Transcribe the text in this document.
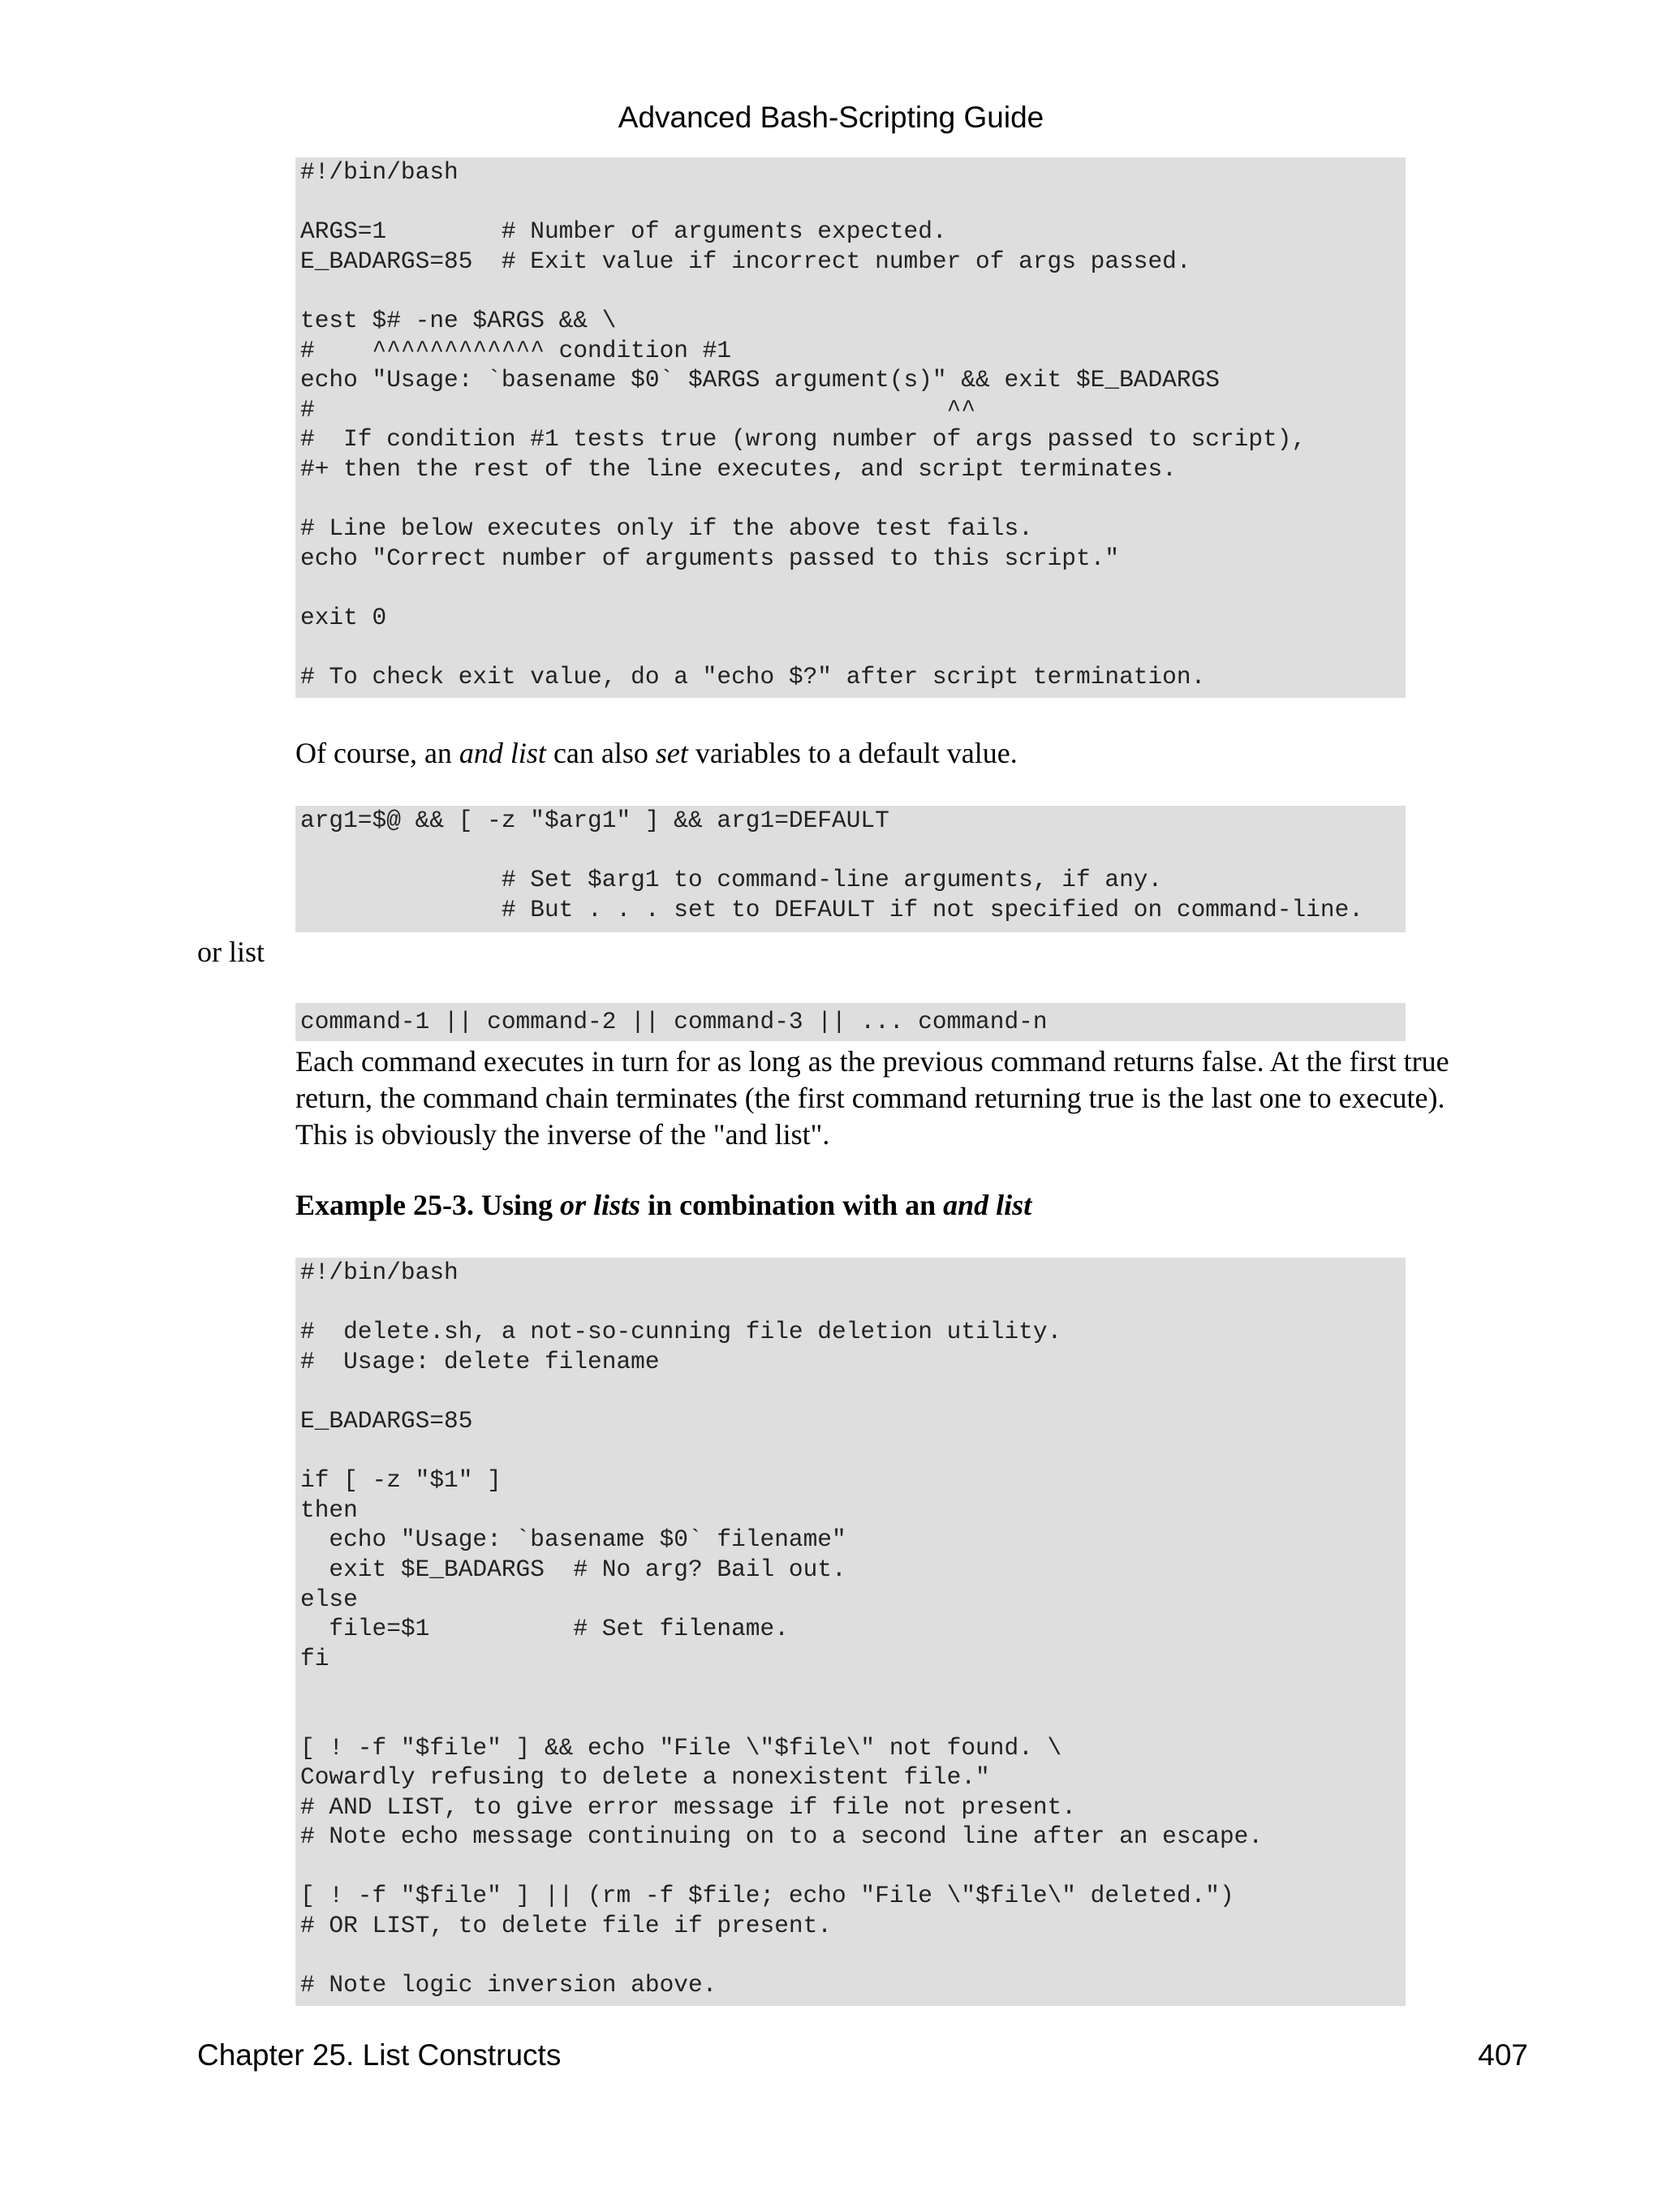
Advanced Bash-Scripting Guide
#!/bin/bash
ARGS=1        # Number of arguments expected.
E_BADARGS=85  # Exit value if incorrect number of args passed.
test $# -ne $ARGS && \
#    ^^^^^^^^^^^^ condition #1
echo "Usage: `basename $0` $ARGS argument(s)" && exit $E_BADARGS
#                                            ^^
#  If condition #1 tests true (wrong number of args passed to script),
#+ then the rest of the line executes, and script terminates.
# Line below executes only if the above test fails.
echo "Correct number of arguments passed to this script."
exit 0
# To check exit value, do a "echo $?" after script termination.
Of course, an and list can also set variables to a default value.
arg1=$@ && [ -z "$arg1" ] && arg1=DEFAULT
# Set $arg1 to command-line arguments, if any.
# But . . . set to DEFAULT if not specified on command-line.
or list
command-1 || command-2 || command-3 || ... command-n
Each command executes in turn for as long as the previous command returns false. At the first true
return, the command chain terminates (the first command returning true is the last one to execute).
This is obviously the inverse of the "and list".
Example 25-3. Using or lists in combination with an and list
#!/bin/bash
#  delete.sh, a not-so-cunning file deletion utility.
#  Usage: delete filename
E_BADARGS=85
if [ -z "$1" ]
then
echo "Usage: `basename $0` filename"
exit $E_BADARGS  # No arg? Bail out.
else
file=$1          # Set filename.
fi
[ ! -f "$file" ] && echo "File \"$file\" not found. \
Cowardly refusing to delete a nonexistent file."
# AND LIST, to give error message if file not present.
# Note echo message continuing on to a second line after an escape.
[ ! -f "$file" ] || (rm -f $file; echo "File \"$file\" deleted.")
# OR LIST, to delete file if present.
# Note logic inversion above.
Chapter 25. List Constructs	407
